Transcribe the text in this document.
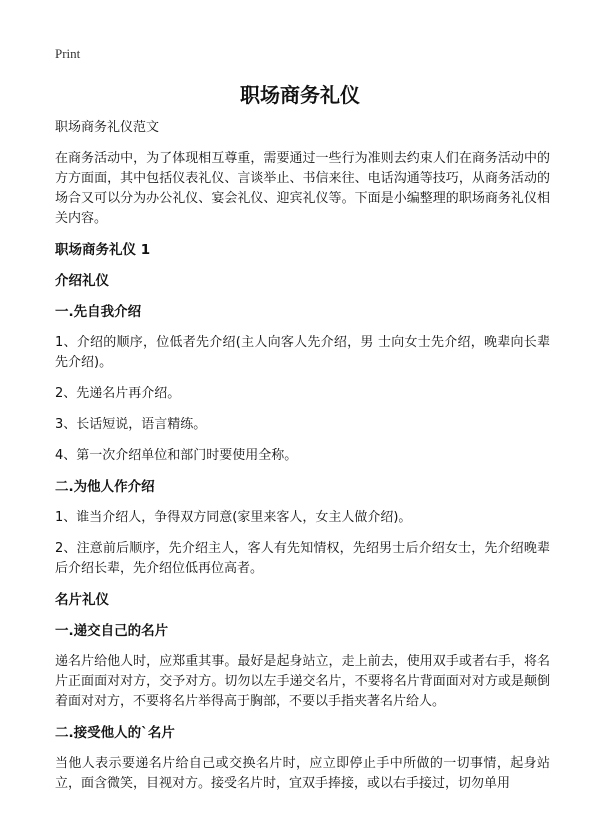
Print
职场商务礼仪

职场商务礼仪范文

在商务活动中，为了体现相互尊重，需要通过一些行为准则去约束人们在商务活动中的方方面面，其中包括仪表礼仪、言谈举止、书信来往、电话沟通等技巧，从商务活动的场合又可以分为办公礼仪、宴会礼仪、迎宾礼仪等。下面是小编整理的职场商务礼仪相关内容。

职场商务礼仪 1
介绍礼仪
一.先自我介绍

1、介绍的顺序，位低者先介绍(主人向客人先介绍，男 士向女士先介绍，晚辈向长辈先介绍)。

2、先递名片再介绍。

3、长话短说，语言精练。

4、第一次介绍单位和部门时要使用全称。

二.为他人作介绍

1、谁当介绍人，争得双方同意(家里来客人，女主人做介绍)。

2、注意前后顺序，先介绍主人，客人有先知情权，先绍男士后介绍女士，先介绍晚辈后介绍长辈，先介绍位低再位高者。

名片礼仪
一.递交自己的名片

递名片给他人时，应郑重其事。最好是起身站立，走上前去，使用双手或者右手，将名片正面面对对方，交予对方。切勿以左手递交名片，不要将名片背面面对对方或是颠倒着面对对方，不要将名片举得高于胸部，不要以手指夹著名片给人。

二.接受他人的`名片

当他人表示要递名片给自己或交换名片时，应立即停止手中所做的一切事情，起身站立，面含微笑，目视对方。接受名片时，宜双手捧接，或以右手接过，切勿单用
